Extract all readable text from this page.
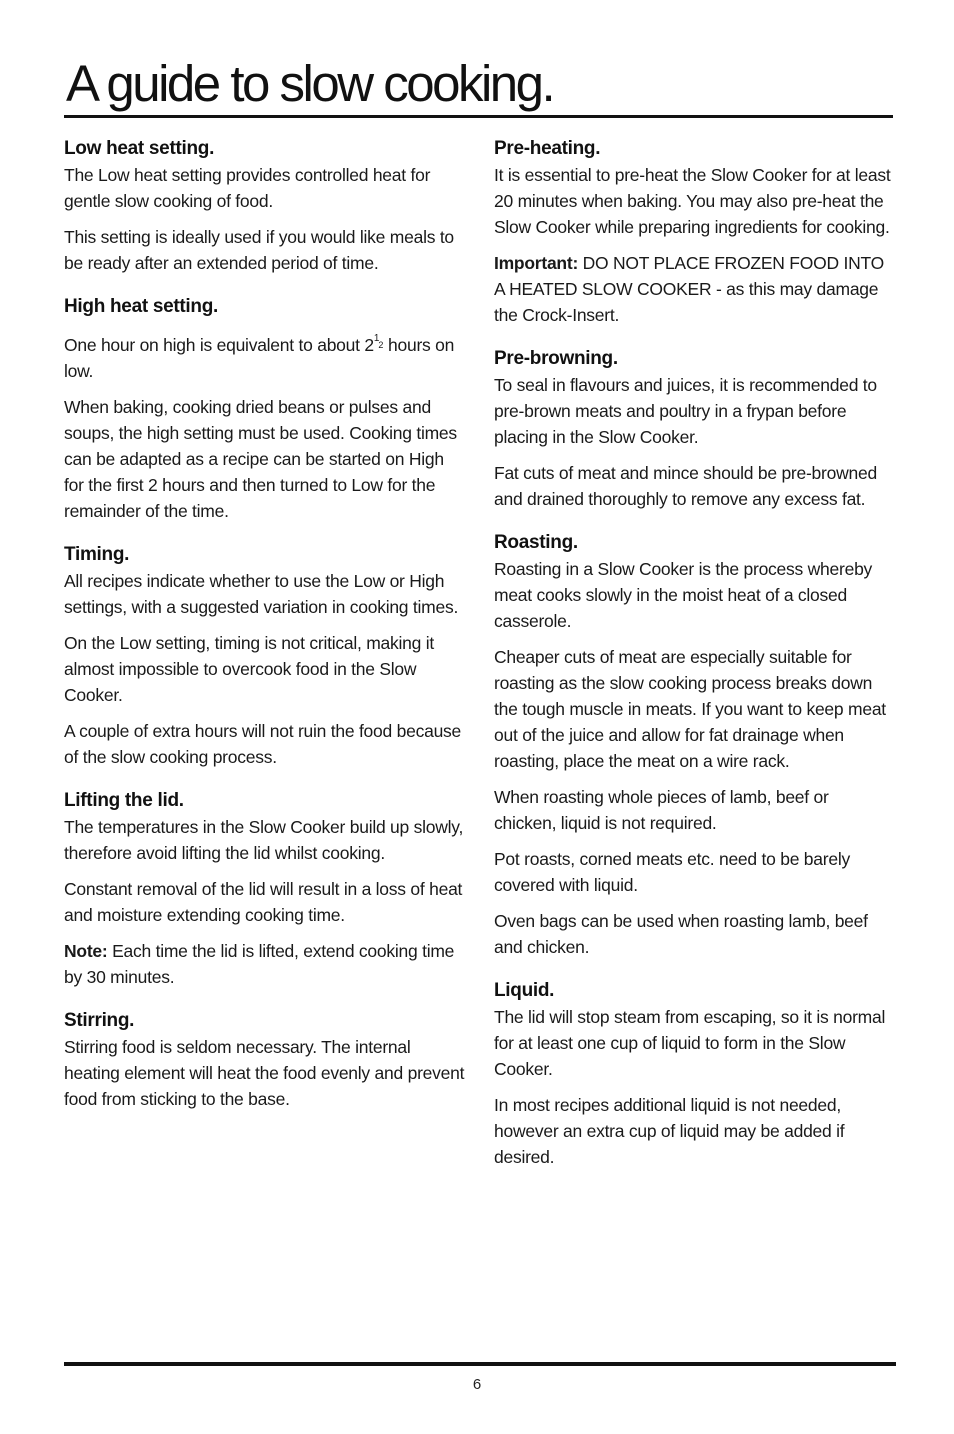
A guide to slow cooking.
Low heat setting.

The Low heat setting provides controlled heat for gentle slow cooking of food.

This setting is ideally used if you would like meals to be ready after an extended period of time.

High heat setting.

One hour on high is equivalent to about $2^12$ hours on low.

When baking, cooking dried beans or pulses and soups, the high setting must be used. Cooking times can be adapted as a recipe can be started on High for the first 2 hours and then turned to Low for the remainder of the time.

Timing.

All recipes indicate whether to use the Low or High settings, with a suggested variation in cooking times.

On the Low setting, timing is not critical, making it almost impossible to overcook food in the Slow Cooker.

A couple of extra hours will not ruin the food because of the slow cooking process.

Lifting the lid.

The temperatures in the Slow Cooker build up slowly, therefore avoid lifting the lid whilst cooking.

Constant removal of the lid will result in a loss of heat and moisture extending cooking time.

Note: Each time the lid is lifted, extend cooking time by 30 minutes.

Stirring.

Stirring food is seldom necessary. The internal heating element will heat the food evenly and prevent food from sticking to the base.

Pre-heating.

It is essential to pre-heat the Slow Cooker for at least 20 minutes when baking. You may also pre-heat the Slow Cooker while preparing ingredients for cooking.

Important: DO NOT PLACE FROZEN FOOD INTO A HEATED SLOW COOKER - as this may damage the Crock-Insert.

Pre-browning.

To seal in flavours and juices, it is recommended to pre-brown meats and poultry in a frypan before placing in the Slow Cooker.

Fat cuts of meat and mince should be pre-browned and drained thoroughly to remove any excess fat.

Roasting.

Roasting in a Slow Cooker is the process whereby meat cooks slowly in the moist heat of a closed casserole.

Cheaper cuts of meat are especially suitable for roasting as the slow cooking process breaks down the tough muscle in meats. If you want to keep meat out of the juice and allow for fat drainage when roasting, place the meat on a wire rack.

When roasting whole pieces of lamb, beef or chicken, liquid is not required.

Pot roasts, corned meats etc. need to be barely covered with liquid.

Oven bags can be used when roasting lamb, beef and chicken.

Liquid.

The lid will stop steam from escaping, so it is normal for at least one cup of liquid to form in the Slow Cooker.

In most recipes additional liquid is not needed, however an extra cup of liquid may be added if desired.

6
